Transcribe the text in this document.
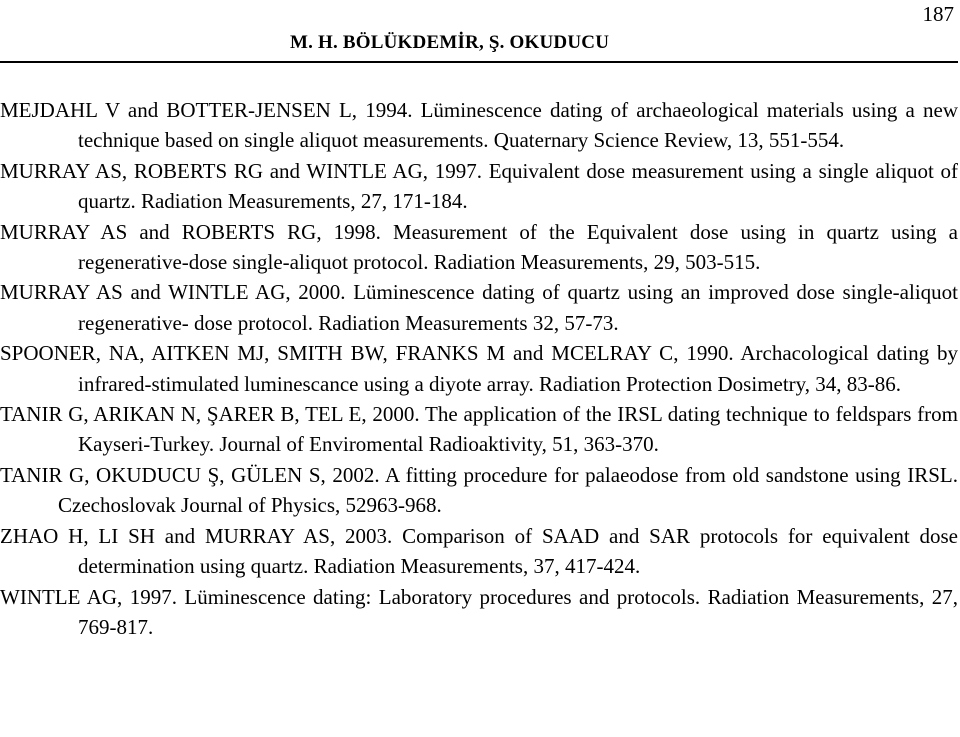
187
M. H. BÖLÜKDEMİR, Ş. OKUDUCU

MEJDAHL V and BOTTER-JENSEN L, 1994. Lüminescence dating of archaeological materials using a new technique based on single aliquot measurements. Quaternary Science Review, 13, 551-554.

MURRAY AS, ROBERTS RG and WINTLE AG, 1997. Equivalent dose measurement using a single aliquot of quartz. Radiation Measurements, 27, 171-184.

MURRAY AS and ROBERTS RG, 1998. Measurement of the Equivalent dose using in quartz using a regenerative-dose single-aliquot protocol. Radiation Measurements, 29, 503-515.

MURRAY AS and WINTLE AG, 2000. Lüminescence dating of quartz using an improved dose single-aliquot regenerative- dose protocol. Radiation Measurements 32, 57-73.

SPOONER, NA, AITKEN MJ, SMITH BW, FRANKS M and MCELRAY C, 1990. Archacological dating by infrared-stimulated luminescance using a diyote array. Radiation Protection Dosimetry, 34, 83-86.

TANIR G, ARIKAN N, ŞARER B, TEL E, 2000. The application of the IRSL dating technique to feldspars from Kayseri-Turkey. Journal of Enviromental Radioaktivity, 51, 363-370.

TANIR G, OKUDUCU Ş, GÜLEN S, 2002. A fitting procedure for palaeodose from old sandstone using IRSL. Czechoslovak Journal of Physics, 52963-968.

ZHAO H, LI SH and MURRAY AS, 2003. Comparison of SAAD and SAR protocols for equivalent dose determination using quartz. Radiation Measurements, 37, 417-424.

WINTLE AG, 1997. Lüminescence dating: Laboratory procedures and protocols. Radiation Measurements, 27, 769-817.
